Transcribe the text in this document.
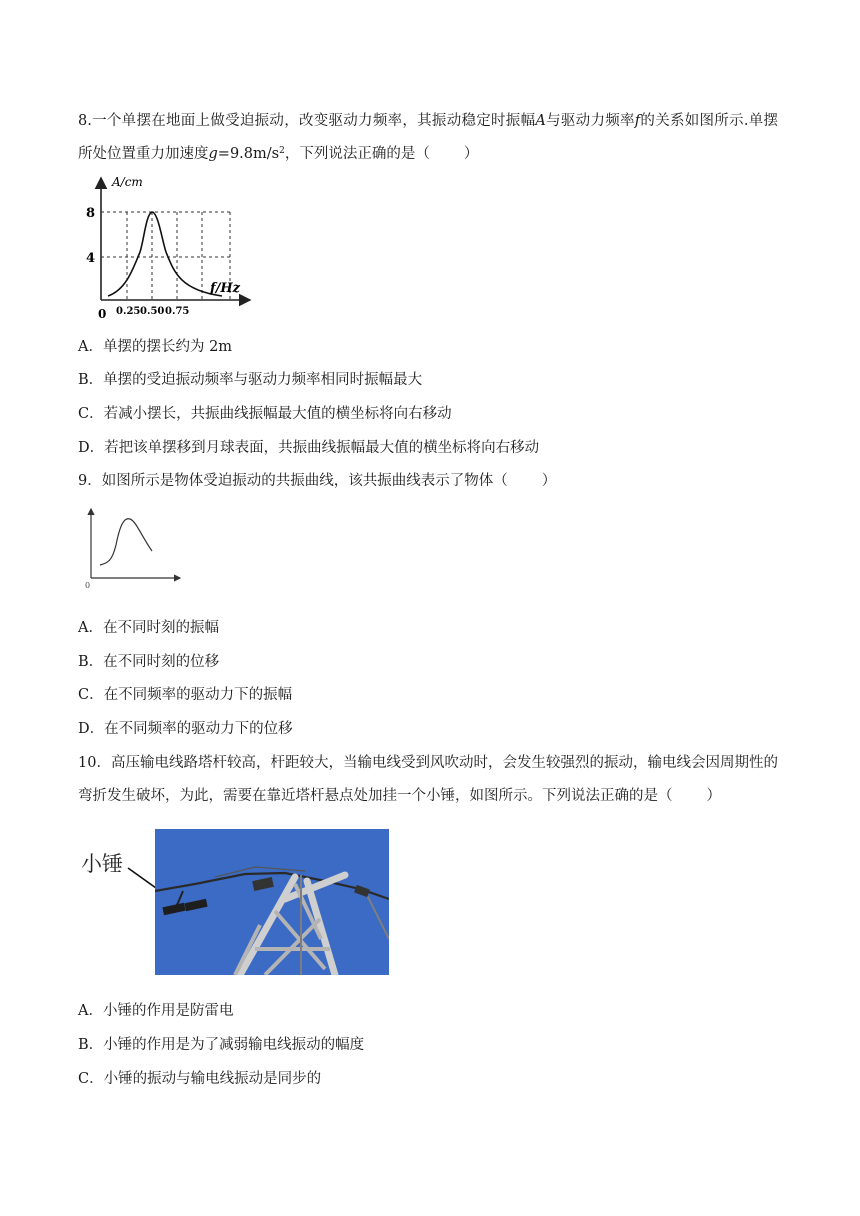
8.一个单摆在地面上做受迫振动，改变驱动力频率，其振动稳定时振幅A与驱动力频率f的关系如图所示.单摆所处位置重力加速度$g=9.8m/s^2$，下列说法正确的是（ ）
A/cm
8
4
f/Hz
0 0.25 0.50 0.75
A．单摆的摆长约为 2m
B．单摆的受迫振动频率与驱动力频率相同时振幅最大
C．若减小摆长，共振曲线振幅最大值的横坐标将向右移动
D．若把该单摆移到月球表面，共振曲线振幅最大值的横坐标将向右移动
9．如图所示是物体受迫振动的共振曲线，该共振曲线表示了物体（ ）
0
A．在不同时刻的振幅
B．在不同时刻的位移
C．在不同频率的驱动力下的振幅
D．在不同频率的驱动力下的位移
10．高压输电线路塔杆较高，杆距较大，当输电线受到风吹动时，会发生较强烈的振动，输电线会因周期性的弯折发生破坏，为此，需要在靠近塔杆悬点处加挂一个小锤，如图所示。下列说法正确的是（ ）
小锤
A．小锤的作用是防雷电
B．小锤的作用是为了减弱输电线振动的幅度
C．小锤的振动与输电线振动是同步的
